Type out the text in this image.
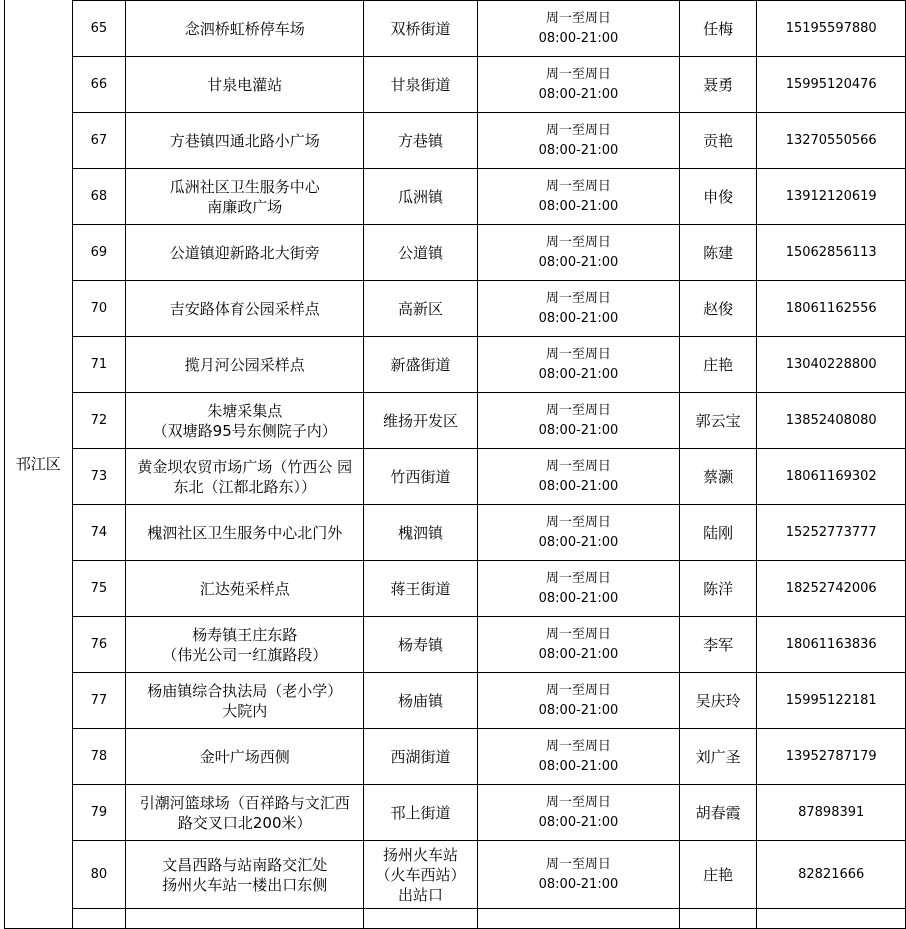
邗江区	65	念泗桥虹桥停车场	双桥街道	周一至周日
08:00-21:00	任梅	15195597880
	66	甘泉电灌站	甘泉街道	周一至周日
08:00-21:00	聂勇	15995120476
	67	方巷镇四通北路小广场	方巷镇	周一至周日
08:00-21:00	贡艳	13270550566
	68	瓜洲社区卫生服务中心
南廉政广场	瓜洲镇	周一至周日
08:00-21:00	申俊	13912120619
	69	公道镇迎新路北大街旁	公道镇	周一至周日
08:00-21:00	陈建	15062856113
	70	吉安路体育公园采样点	高新区	周一至周日
08:00-21:00	赵俊	18061162556
	71	揽月河公园采样点	新盛街道	周一至周日
08:00-21:00	庄艳	13040228800
	72	朱塘采集点
（双塘路95号东侧院子内）	维扬开发区	周一至周日
08:00-21:00	郭云宝	13852408080
	73	黄金坝农贸市场广场（竹西公 园
东北（江都北路东））	竹西街道	周一至周日
08:00-21:00	蔡灏	18061169302
	74	槐泗社区卫生服务中心北门外	槐泗镇	周一至周日
08:00-21:00	陆刚	15252773777
	75	汇达苑采样点	蒋王街道	周一至周日
08:00-21:00	陈洋	18252742006
	76	杨寿镇王庄东路
（伟光公司一红旗路段）	杨寿镇	周一至周日
08:00-21:00	李军	18061163836
	77	杨庙镇综合执法局（老小学）
大院内	杨庙镇	周一至周日
08:00-21:00	吴庆玲	15995122181
	78	金叶广场西侧	西湖街道	周一至周日
08:00-21:00	刘广圣	13952787179
	79	引潮河篮球场（百祥路与文汇西
路交叉口北200米）	邗上街道	周一至周日
08:00-21:00	胡春霞	87898391
	80	文昌西路与站南路交汇处
扬州火车站一楼出口东侧	扬州火车站
（火车西站）
出站口	周一至周日
08:00-21:00	庄艳	82821666
